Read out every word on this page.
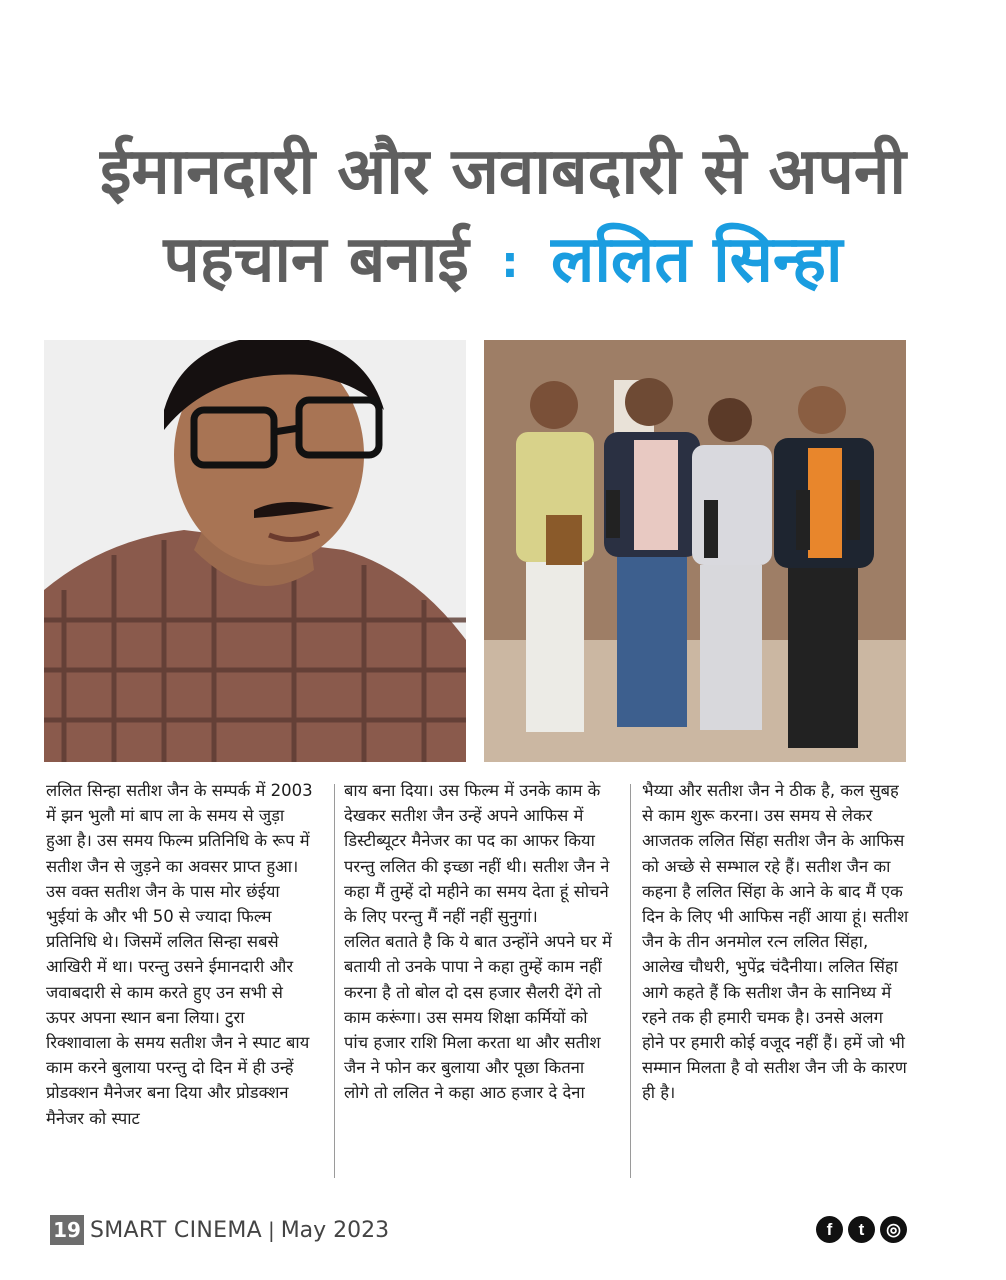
ईमानदारी और जवाबदारी से अपनी
पहचान बनाई : ललित सिन्हा

ललित सिन्हा सतीश जैन के सम्पर्क में 2003 में झन भुलौ मां बाप ला के समय से जुड़ा हुआ है। उस समय फिल्म प्रतिनिधि के रूप में सतीश जैन से जुड़ने का अवसर प्राप्त हुआ। उस वक्त सतीश जैन के पास मोर छंईया भुईयां के और भी 50 से ज्यादा फिल्म प्रतिनिधि थे। जिसमें ललित सिन्हा सबसे आखिरी में था। परन्तु उसने ईमानदारी और जवाबदारी से काम करते हुए उन सभी से ऊपर अपना स्थान बना लिया। टुरा रिक्शावाला के समय सतीश जैन ने स्पाट बाय काम करने बुलाया परन्तु दो दिन में ही उन्हें प्रोडक्शन मैनेजर बना दिया और प्रोडक्शन मैनेजर को स्पाट

बाय बना दिया। उस फिल्म में उनके काम के देखकर सतीश जैन उन्हें अपने आफिस में डिस्टीब्यूटर मैनेजर का पद का आफर किया परन्तु ललित की इच्छा नहीं थी। सतीश जैन ने कहा मैं तुम्हें दो महीने का समय देता हूं सोचने के लिए परन्तु मैं नहीं नहीं सुनुगां।

ललित बताते है कि ये बात उन्होंने अपने घर में बतायी तो उनके पापा ने कहा तुम्हें काम नहीं करना है तो बोल दो दस हजार सैलरी देंगे तो काम करूंगा। उस समय शिक्षा कर्मियों को पांच हजार राशि मिला करता था और सतीश जैन ने फोन कर बुलाया और पूछा कितना लोगे तो ललित ने कहा आठ हजार दे देना

भैय्या और सतीश जैन ने ठीक है, कल सुबह से काम शुरू करना। उस समय से लेकर आजतक ललित सिंहा सतीश जैन के आफिस को अच्छे से सम्भाल रहे हैं। सतीश जैन का कहना है ललित सिंहा के आने के बाद मैं एक दिन के लिए भी आफिस नहीं आया हूं। सतीश जैन के तीन अनमोल रत्न ललित सिंहा, आलेख चौधरी, भुपेंद्र चंदैनीया। ललित सिंहा आगे कहते हैं कि सतीश जैन के सानिध्य में रहने तक ही हमारी चमक है। उनसे अलग होने पर हमारी कोई वजूद नहीं हैं। हमें जो भी सम्मान मिलता है वो सतीश जैन जी के कारण ही है।

19 SMART CINEMA | May 2023	f	t	◎
